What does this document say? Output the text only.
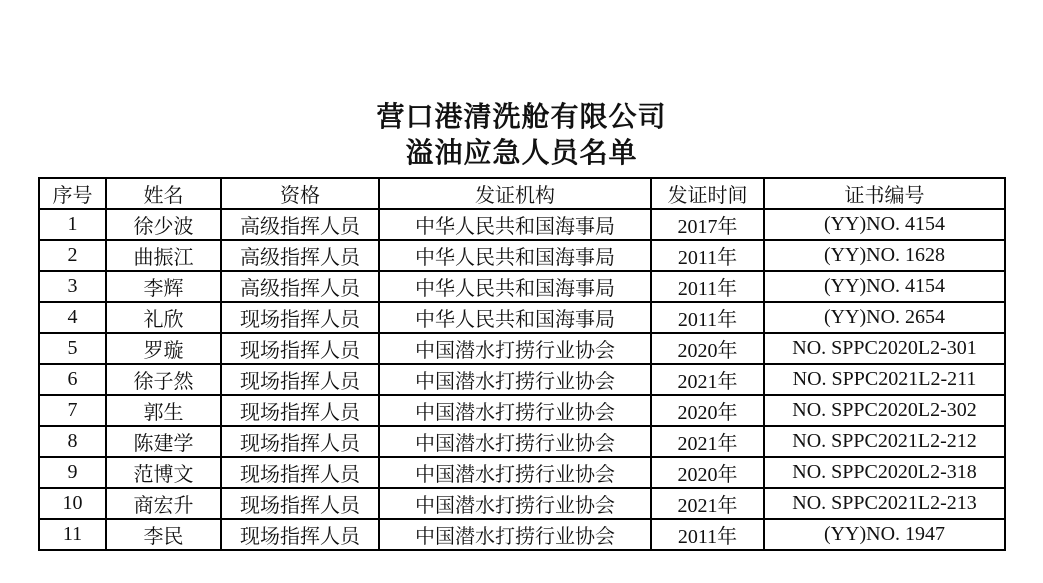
营口港清洗舱有限公司
溢油应急人员名单
序号	姓名	资格	发证机构	发证时间	证书编号
1	徐少波	高级指挥人员	中华人民共和国海事局	2017年	(YY)NO. 4154
2	曲振江	高级指挥人员	中华人民共和国海事局	2011年	(YY)NO. 1628
3	李辉	高级指挥人员	中华人民共和国海事局	2011年	(YY)NO. 4154
4	礼欣	现场指挥人员	中华人民共和国海事局	2011年	(YY)NO. 2654
5	罗璇	现场指挥人员	中国潜水打捞行业协会	2020年	NO. SPPC2020L2-301
6	徐子然	现场指挥人员	中国潜水打捞行业协会	2021年	NO. SPPC2021L2-211
7	郭生	现场指挥人员	中国潜水打捞行业协会	2020年	NO. SPPC2020L2-302
8	陈建学	现场指挥人员	中国潜水打捞行业协会	2021年	NO. SPPC2021L2-212
9	范博文	现场指挥人员	中国潜水打捞行业协会	2020年	NO. SPPC2020L2-318
10	商宏升	现场指挥人员	中国潜水打捞行业协会	2021年	NO. SPPC2021L2-213
11	李民	现场指挥人员	中国潜水打捞行业协会	2011年	(YY)NO. 1947
